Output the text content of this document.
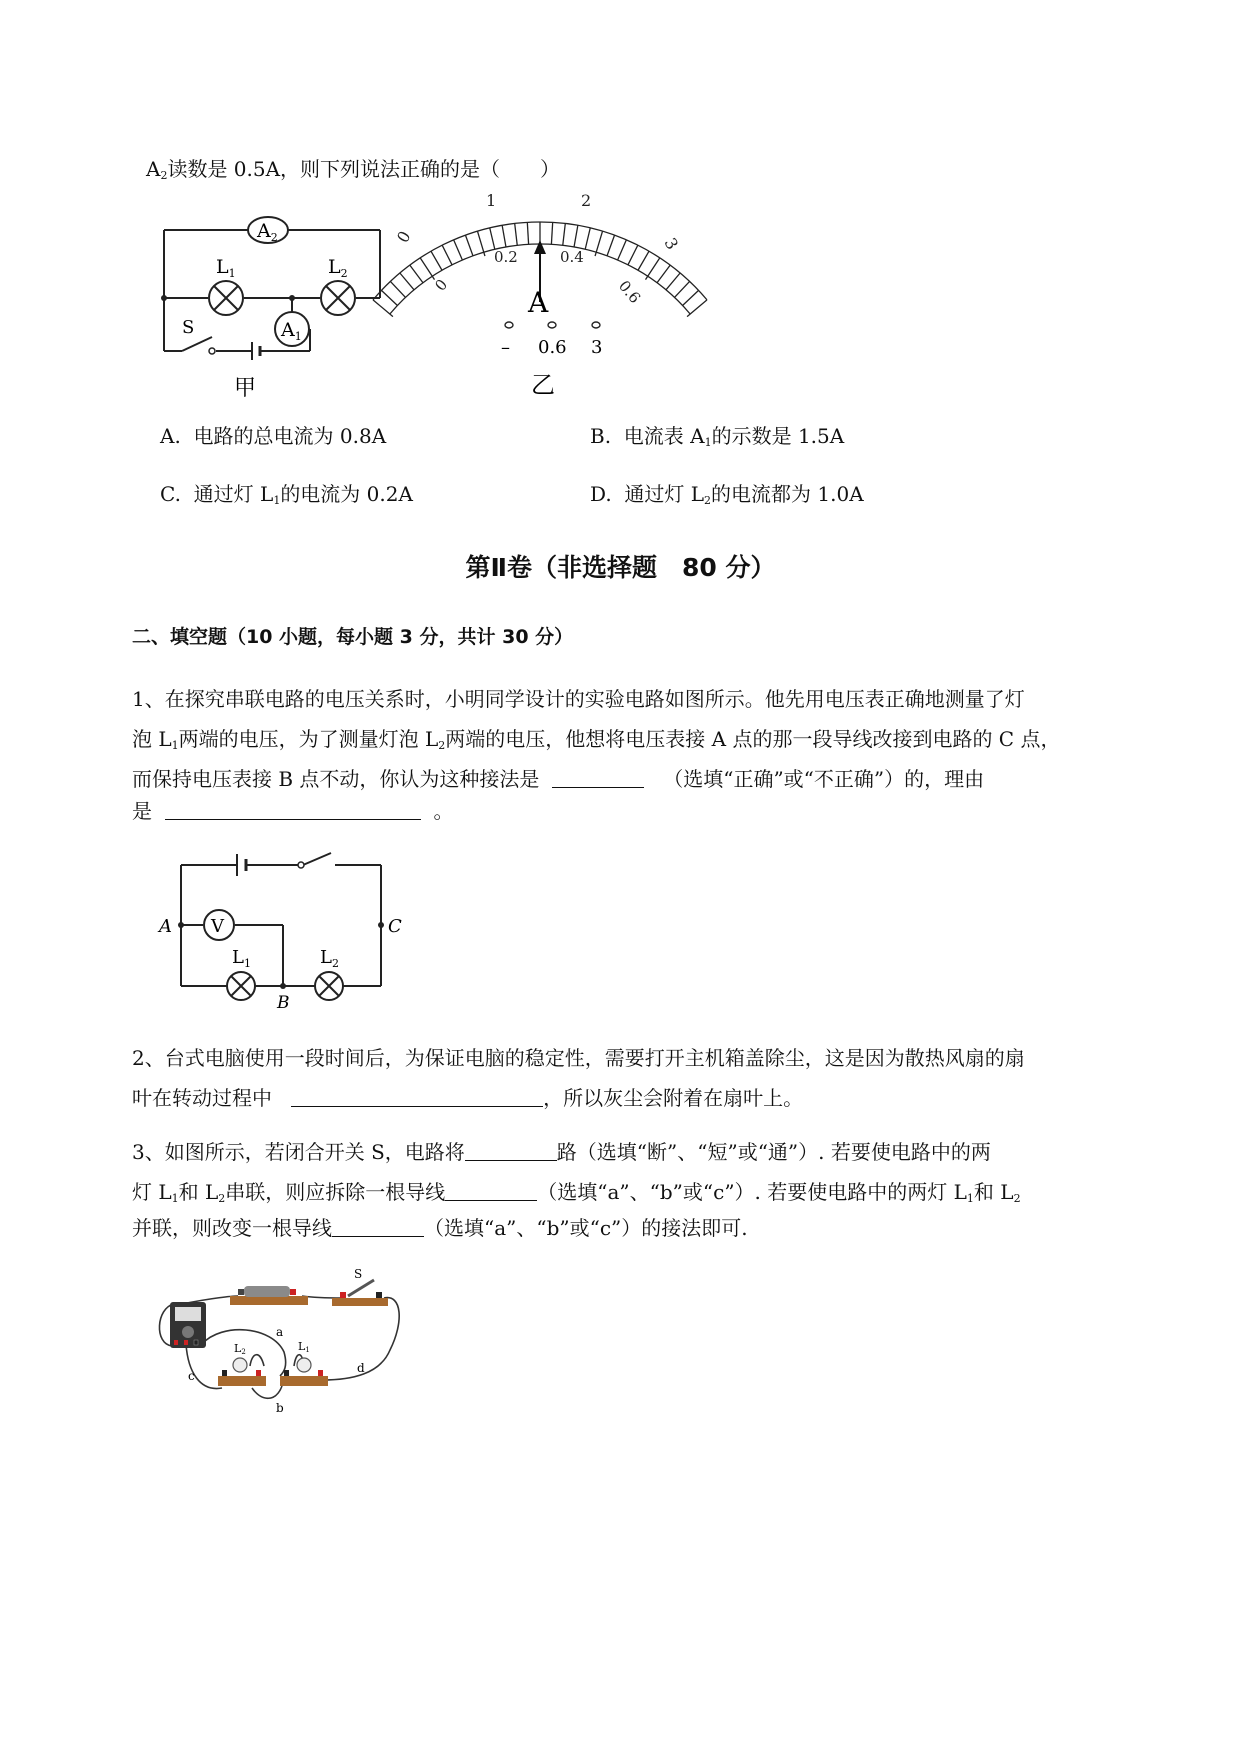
$A_2$读数是 0.5A，则下列说法正确的是（　　）
$A_2$
$L_1$	$L_2$
$A_1$
S
甲
0
1	2
3
0
0.2	0.4
0.6
A
– 0.6 3
乙
A. 电路的总电流为 0.8A	B. 电流表 $A_1$的示数是 1.5A
C. 通过灯 $L_1$的电流为 0.2A	D. 通过灯 $L_2$的电流都为 1.0A
第Ⅱ卷（非选择题　80 分）
二、填空题（10 小题，每小题 3 分，共计 30 分）
1、在探究串联电路的电压关系时，小明同学设计的实验电路如图所示。他先用电压表正确地测量了灯
泡 $L_1$两端的电压，为了测量灯泡 $L_2$两端的电压，他想将电压表接 A 点的那一段导线改接到电路的 C 点，
而保持电压表接 B 点不动，你认为这种接法是	（选填“正确”或“不正确”）的，理由
是	。
V
A
B
C
$L_1$	$L_2$
2、台式电脑使用一段时间后，为保证电脑的稳定性，需要打开主机箱盖除尘，这是因为散热风扇的扇
叶在转动过程中	，所以灰尘会附着在扇叶上。
3、如图所示，若闭合开关 S，电路将	路（选填“断”、“短”或“通”）. 若要使电路中的两
灯 $L_1$和 $L_2$串联，则应拆除一根导线	（选填“a”、“b”或“c”）. 若要使电路中的两灯 $L_1$和 $L_2$
并联，则改变一根导线	（选填“a”、“b”或“c”）的接法即可.
S
a
b
c
d
L2	L1
